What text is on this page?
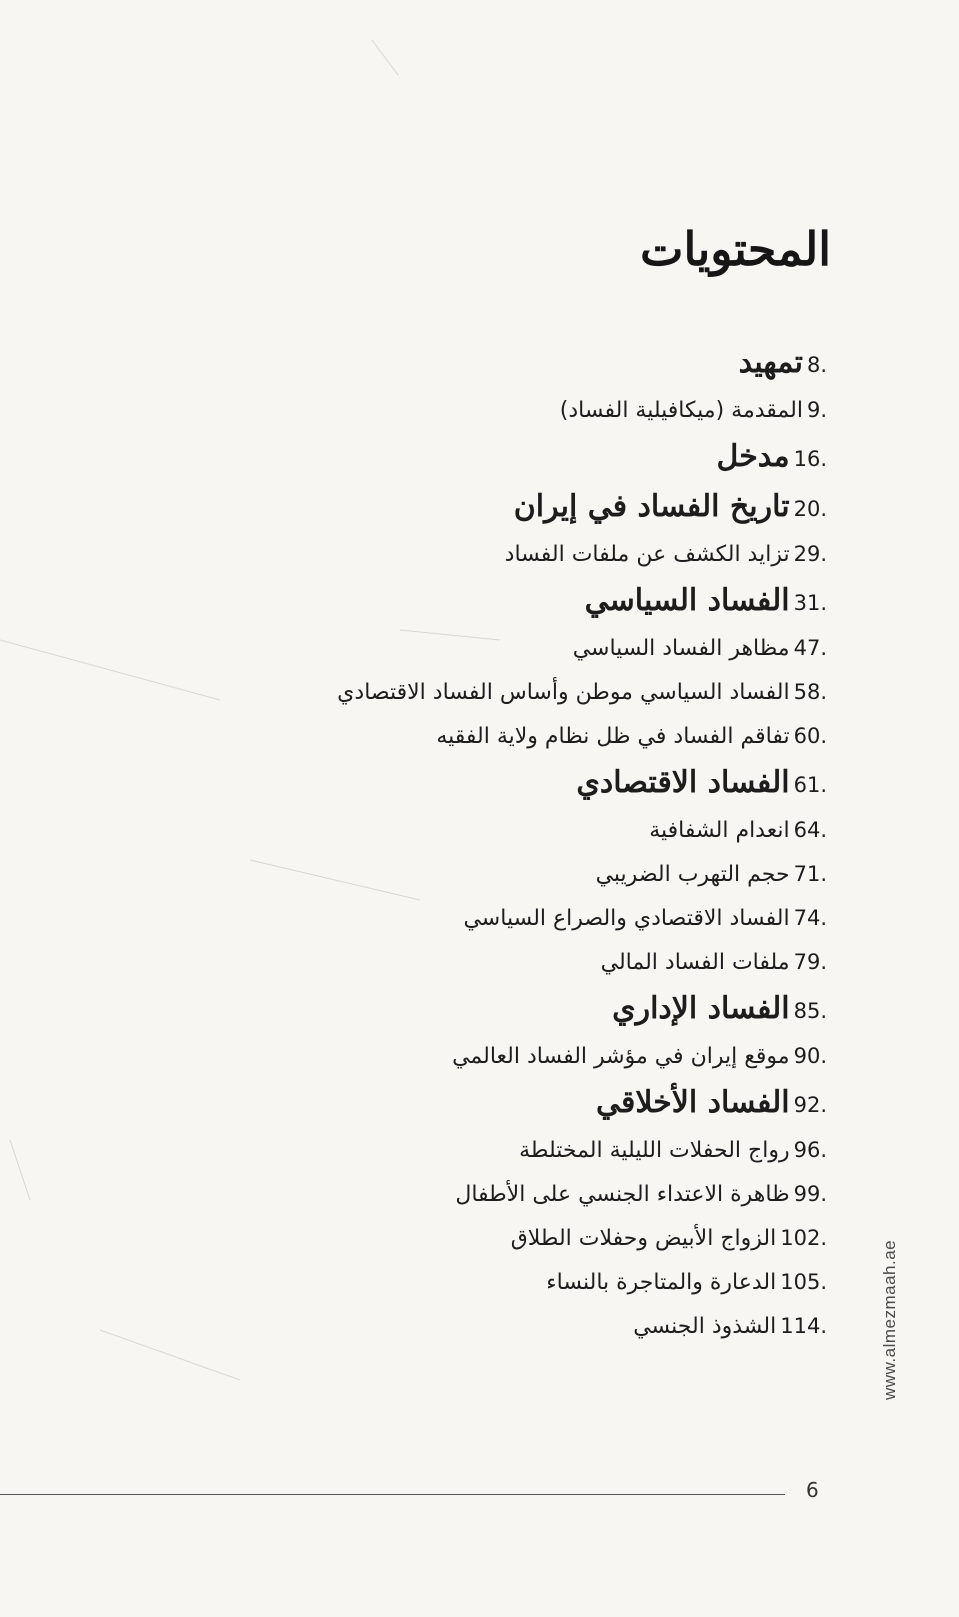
المحتويات
8.
تمهيد
9.
المقدمة (ميكافيلية الفساد)
16.
مدخل
20.
تاريخ الفساد في إيران
29.
تزايد الكشف عن ملفات الفساد
31.
الفساد السياسي
47.
مظاهر الفساد السياسي
58.
الفساد السياسي موطن وأساس الفساد الاقتصادي
60.
تفاقم الفساد في ظل نظام ولاية الفقيه
61.
الفساد الاقتصادي
64.
انعدام الشفافية
71.
حجم التهرب الضريبي
74.
الفساد الاقتصادي والصراع السياسي
79.
ملفات الفساد المالي
85.
الفساد الإداري
90.
موقع إيران في مؤشر الفساد العالمي
92.
الفساد الأخلاقي
96.
رواج الحفلات الليلية المختلطة
99.
ظاهرة الاعتداء الجنسي على الأطفال
102.
الزواج الأبيض وحفلات الطلاق
105.
الدعارة والمتاجرة بالنساء
114.
الشذوذ الجنسي	www.almezmaah.ae
6
